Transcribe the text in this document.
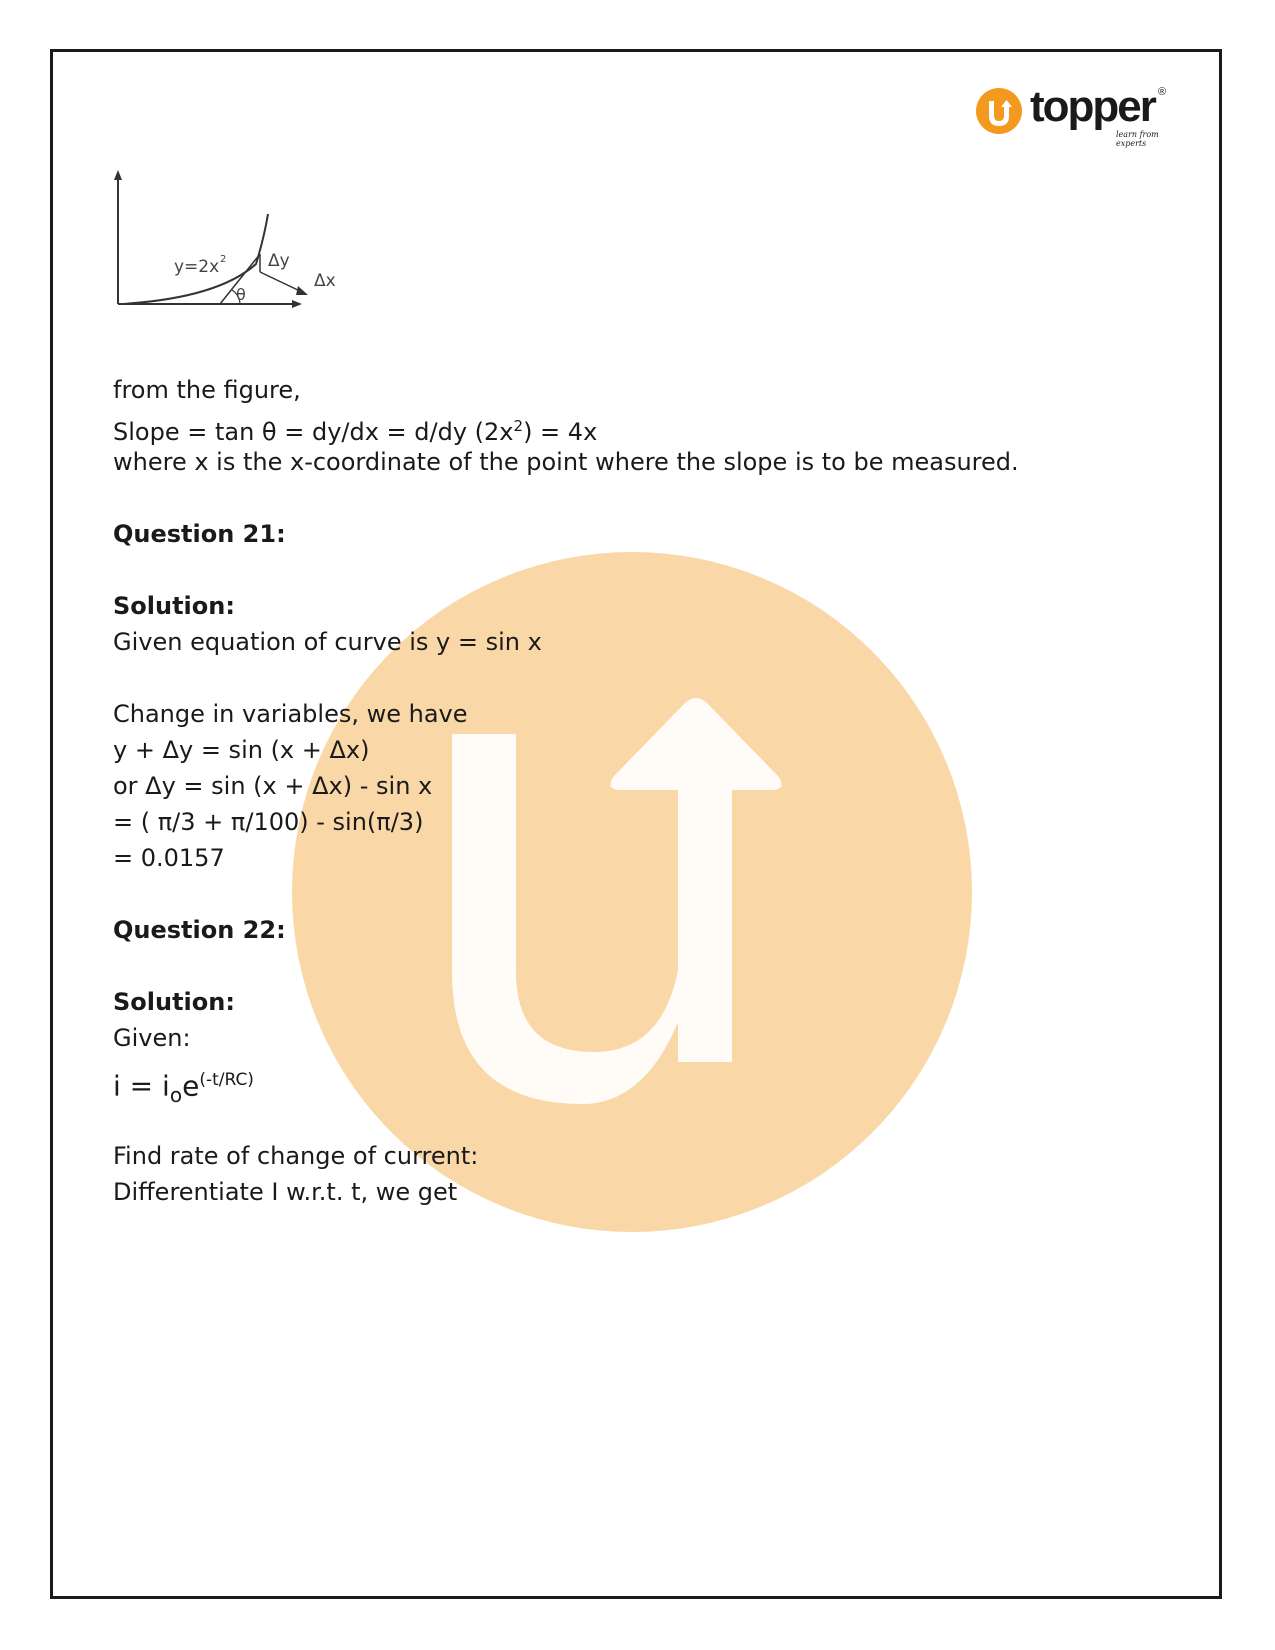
topper ®
learn from experts
y=2x 2 Δy
Δx
θ
from the figure,
Slope = tan θ = dy/dx = d/dy $(2x^2) = 4x$
where x is the x-coordinate of the point where the slope is to be measured.
Question 21:
Solution:
Given equation of curve is y = sin x
Change in variables, we have
y + Δy = sin (x + Δx)
or Δy = sin (x + Δx) - sin x
= ( π/3 + π/100) - sin(π/3)
= 0.0157
Question 22:
Solution:
Given:
$i = i_oe^{(-t/RC)}$
Find rate of change of current:
Differentiate I w.r.t. t, we get
